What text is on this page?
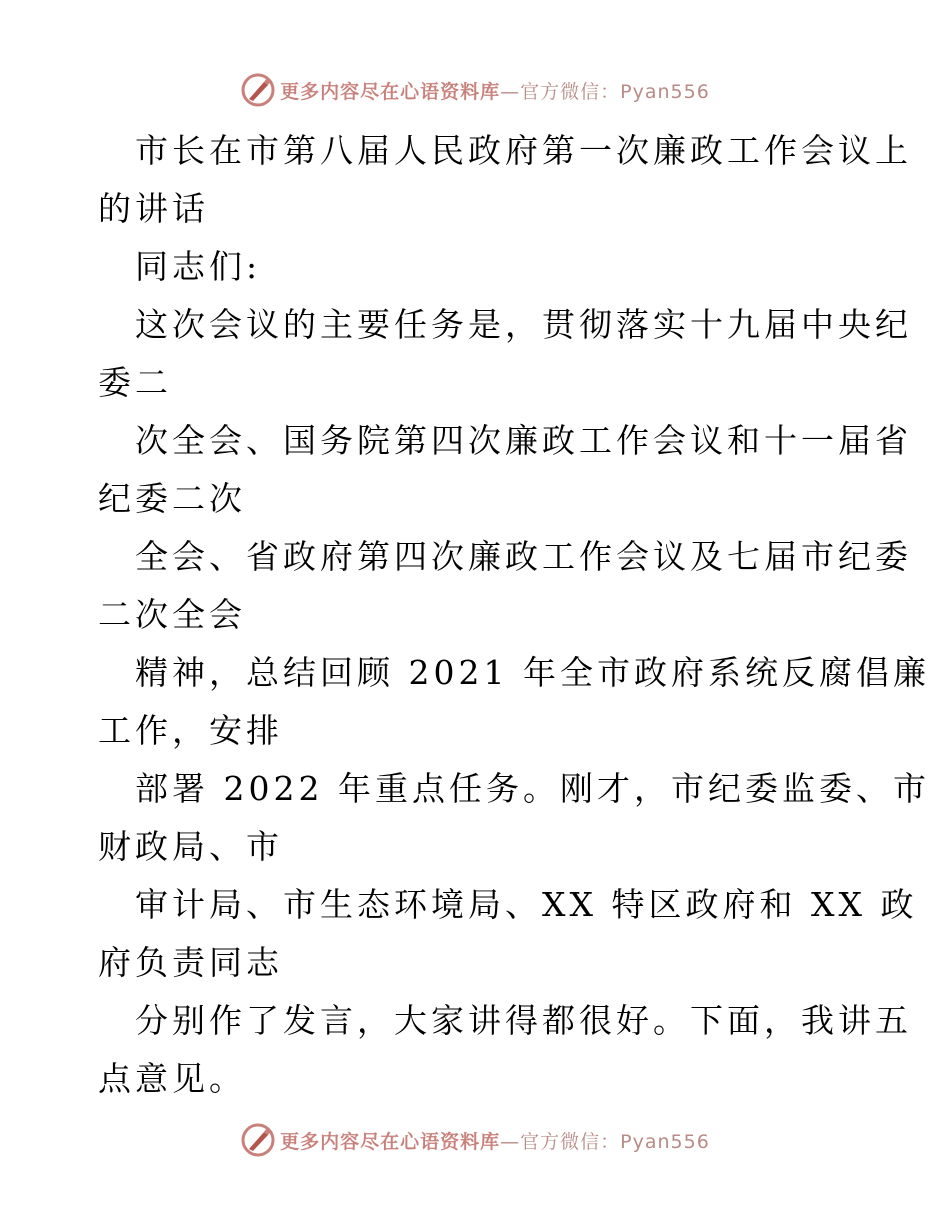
更多内容尽在心语资料库—官方微信：Pyan556
市长在市第八届人民政府第一次廉政工作会议上
的讲话
同志们:
这次会议的主要任务是，贯彻落实十九届中央纪
委二
次全会、国务院第四次廉政工作会议和十一届省
纪委二次
全会、省政府第四次廉政工作会议及七届市纪委
二次全会
精神，总结回顾 2021 年全市政府系统反腐倡廉
工作，安排
部署 2022 年重点任务。刚才，市纪委监委、市
财政局、市
审计局、市生态环境局、XX 特区政府和 XX 政
府负责同志
分别作了发言，大家讲得都很好。下面，我讲五
点意见。
更多内容尽在心语资料库—官方微信：Pyan556
